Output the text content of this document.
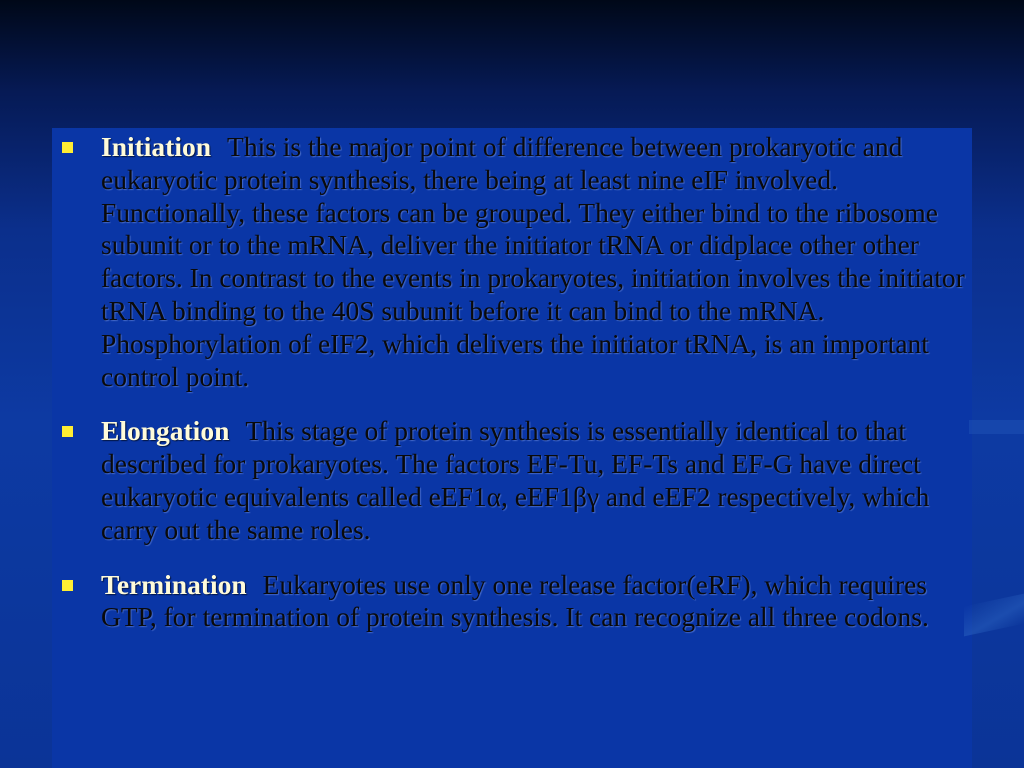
Initiation This is the major point of difference between prokaryotic and eukaryotic protein synthesis, there being at least nine eIF involved. Functionally, these factors can be grouped. They either bind to the ribosome subunit or to the mRNA, deliver the initiator tRNA or didplace other other factors. In contrast to the events in prokaryotes, initiation involves the initiator tRNA binding to the 40S subunit before it can bind to the mRNA. Phosphorylation of eIF2, which delivers the initiator tRNA, is an important control point.
Elongation This stage of protein synthesis is essentially identical to that described for prokaryotes. The factors EF-Tu, EF-Ts and EF-G have direct eukaryotic equivalents called eEF1α, eEF1βγ and eEF2 respectively, which carry out the same roles.
Termination Eukaryotes use only one release factor(eRF), which requires GTP, for termination of protein synthesis. It can recognize all three codons.
